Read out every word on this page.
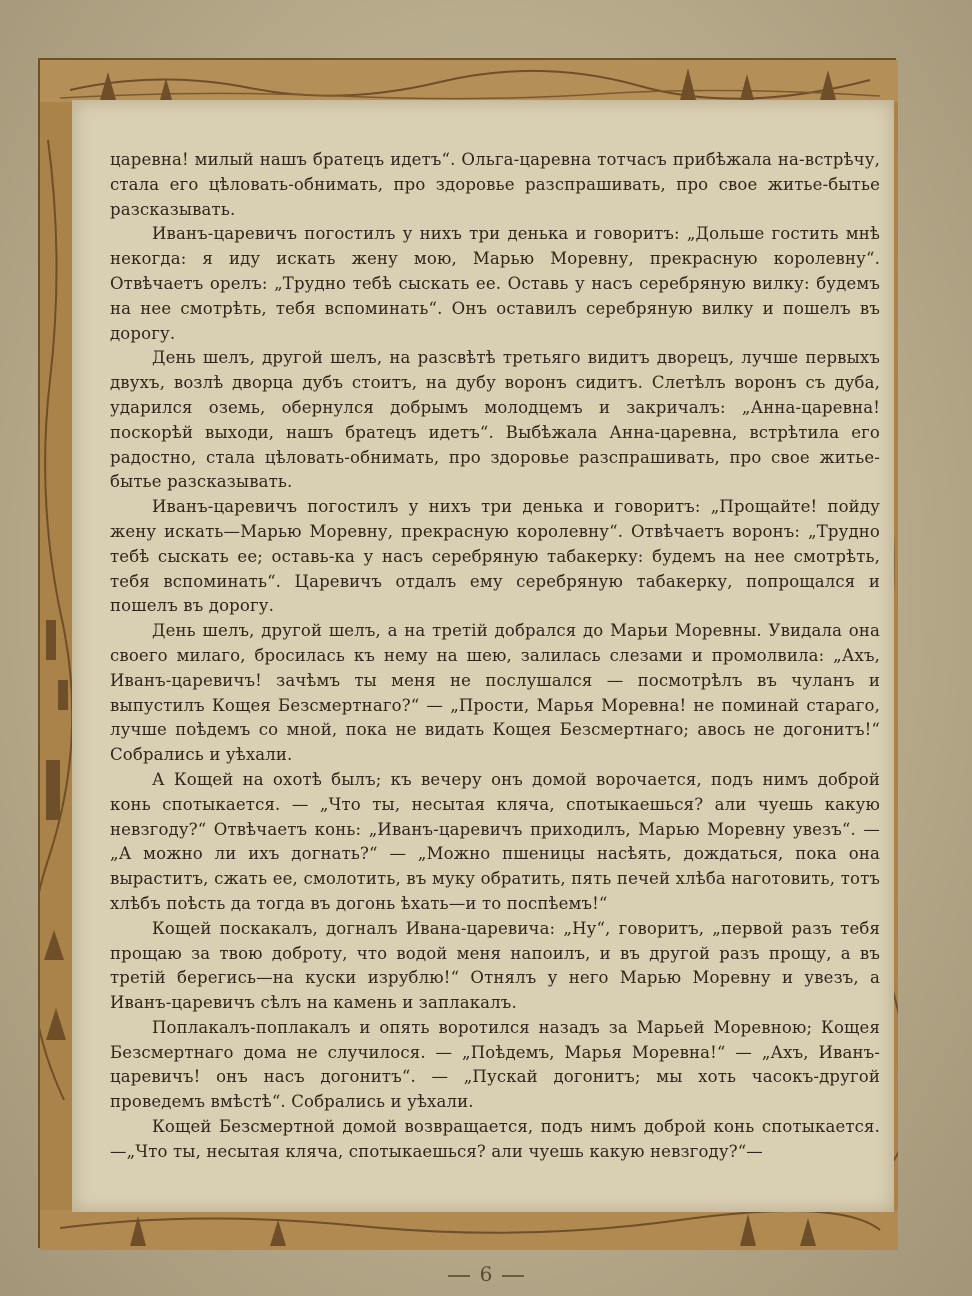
царевна! милый нашъ братецъ идетъ“. Ольга-царевна тотчасъ прибѣжала на-встрѣчу, стала его цѣловать-обнимать, про здоровье разспрашивать, про свое житье-бытье разсказывать.

Иванъ-царевичъ погостилъ у нихъ три денька и говоритъ: „Дольше гостить мнѣ некогда: я иду искать жену мою, Марью Моревну, прекрасную королевну“. Отвѣчаетъ орелъ: „Трудно тебѣ сыскать ее. Оставь у насъ серебряную вилку: будемъ на нее смотрѣть, тебя вспоминать“. Онъ оставилъ серебряную вилку и пошелъ въ дорогу.

День шелъ, другой шелъ, на разсвѣтѣ третьяго видитъ дворецъ, лучше первыхъ двухъ, возлѣ дворца дубъ стоитъ, на дубу воронъ сидитъ. Слетѣлъ воронъ съ дуба, ударился оземь, обернулся добрымъ молодцемъ и закричалъ: „Анна-царевна! поскорѣй выходи, нашъ братецъ идетъ“. Выбѣжала Анна-царевна, встрѣтила его радостно, стала цѣловать-обнимать, про здоровье разспрашивать, про свое житье-бытье разсказывать.

Иванъ-царевичъ погостилъ у нихъ три денька и говоритъ: „Прощайте! пойду жену искать—Марью Моревну, прекрасную королевну“. Отвѣчаетъ воронъ: „Трудно тебѣ сыскать ее; оставь-ка у насъ серебряную табакерку: будемъ на нее смотрѣть, тебя вспоминать“. Царевичъ отдалъ ему серебряную табакерку, попрощался и пошелъ въ дорогу.

День шелъ, другой шелъ, а на третій добрался до Марьи Моревны. Увидала она своего милаго, бросилась къ нему на шею, залилась слезами и промолвила: „Ахъ, Иванъ-царевичъ! зачѣмъ ты меня не послушался — посмотрѣлъ въ чуланъ и выпустилъ Кощея Безсмертнаго?“ — „Прости, Марья Моревна! не поминай стараго, лучше поѣдемъ со мной, пока не видать Кощея Безсмертнаго; авось не догонитъ!“ Собрались и уѣхали.

А Кощей на охотѣ былъ; къ вечеру онъ домой ворочается, подъ нимъ доброй конь спотыкается. — „Что ты, несытая кляча, спотыкаешься? али чуешь какую невзгоду?“ Отвѣчаетъ конь: „Иванъ-царевичъ приходилъ, Марью Моревну увезъ“. — „А можно ли ихъ догнать?“ — „Можно пшеницы насѣять, дождаться, пока она выраститъ, сжать ее, смолотить, въ муку обратить, пять печей хлѣба наготовить, тотъ хлѣбъ поѣсть да тогда въ догонь ѣхать—и то поспѣемъ!“

Кощей поскакалъ, догналъ Ивана-царевича: „Ну“, говоритъ, „первой разъ тебя прощаю за твою доброту, что водой меня напоилъ, и въ другой разъ прощу, а въ третій берегись—на куски изрублю!“ Отнялъ у него Марью Моревну и увезъ, а Иванъ-царевичъ сѣлъ на камень и заплакалъ.

Поплакалъ-поплакалъ и опять воротился назадъ за Марьей Моревною; Кощея Безсмертнаго дома не случилося. — „Поѣдемъ, Марья Моревна!“ — „Ахъ, Иванъ-царевичъ! онъ насъ догонитъ“. — „Пускай догонитъ; мы хоть часокъ-другой проведемъ вмѣстѣ“. Собрались и уѣхали.

Кощей Безсмертной домой возвращается, подъ нимъ доброй конь спотыкается.—„Что ты, несытая кляча, спотыкаешься? али чуешь какую невзгоду?“—

6
